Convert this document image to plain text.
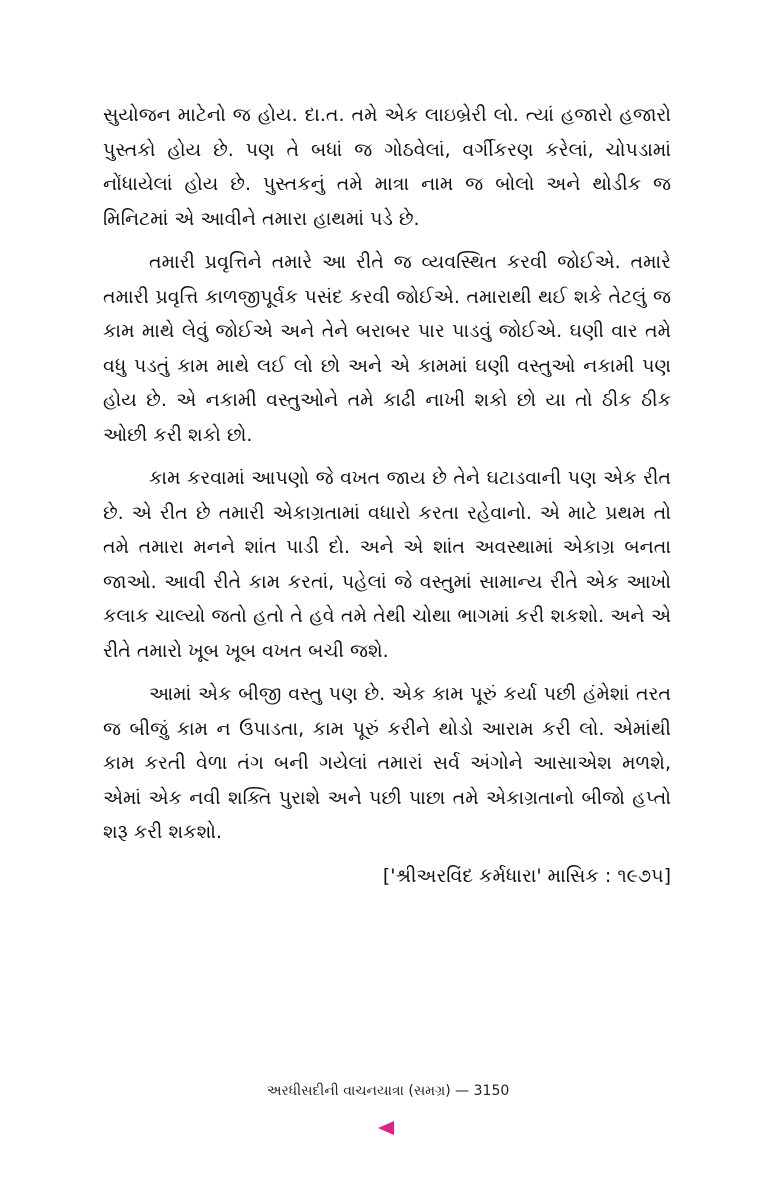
સુયોજન માટેનો જ હોય. દા.ત. તમે એક લાઇબ્રેરી લો. ત્યાં હજારો હજારો પુસ્તકો હોય છે. પણ તે બધાં જ ગોઠવેલાં, વર્ગીકરણ કરેલાં, ચોપડામાં નોંધાયેલાં હોય છે. પુસ્તકનું તમે માત્રા નામ જ બોલો અને થોડીક જ મિનિટમાં એ આવીને તમારા હાથમાં પડે છે.

તમારી પ્રવૃત્તિને તમારે આ રીતે જ વ્યવસ્થિત કરવી જોઈએ. તમારે તમારી પ્રવૃત્તિ કાળજીપૂર્વક પસંદ કરવી જોઈએ. તમારાથી થઈ શકે તેટલું જ કામ માથે લેવું જોઈએ અને તેને બરાબર પાર પાડવું જોઈએ. ઘણી વાર તમે વધુ પડતું કામ માથે લઈ લો છો અને એ કામમાં ઘણી વસ્તુઓ નકામી પણ હોય છે. એ નકામી વસ્તુઓને તમે કાઢી નાખી શકો છો યા તો ઠીક ઠીક ઓછી કરી શકો છો.

કામ કરવામાં આપણો જે વખત જાય છે તેને ઘટાડવાની પણ એક રીત છે. એ રીત છે તમારી એકાગ્રતામાં વધારો કરતા રહેવાનો. એ માટે પ્રથમ તો તમે તમારા મનને શાંત પાડી દો. અને એ શાંત અવસ્થામાં એકાગ્ર બનતા જાઓ. આવી રીતે કામ કરતાં, પહેલાં જે વસ્તુમાં સામાન્ય રીતે એક આખો કલાક ચાલ્યો જતો હતો તે હવે તમે તેથી ચોથા ભાગમાં કરી શકશો. અને એ રીતે તમારો ખૂબ ખૂબ વખત બચી જશે.

આમાં એક બીજી વસ્તુ પણ છે. એક કામ પૂરું કર્યા પછી હંમેશાં તરત જ બીજું કામ ન ઉપાડતા, કામ પૂરું કરીને થોડો આરામ કરી લો. એમાંથી કામ કરતી વેળા તંગ બની ગયેલાં તમારાં સર્વ અંગોને આસાએશ મળશે, એમાં એક નવી શક્તિ પુરાશે અને પછી પાછા તમે એકાગ્રતાનો બીજો હપ્તો શરૂ કરી શકશો.

['શ્રીઅરવિંદ કર્મધારા' માસિક : ૧૯૭૫]
અરધીસદીની વાચનયાત્રા (સમગ્ર) — 3150
